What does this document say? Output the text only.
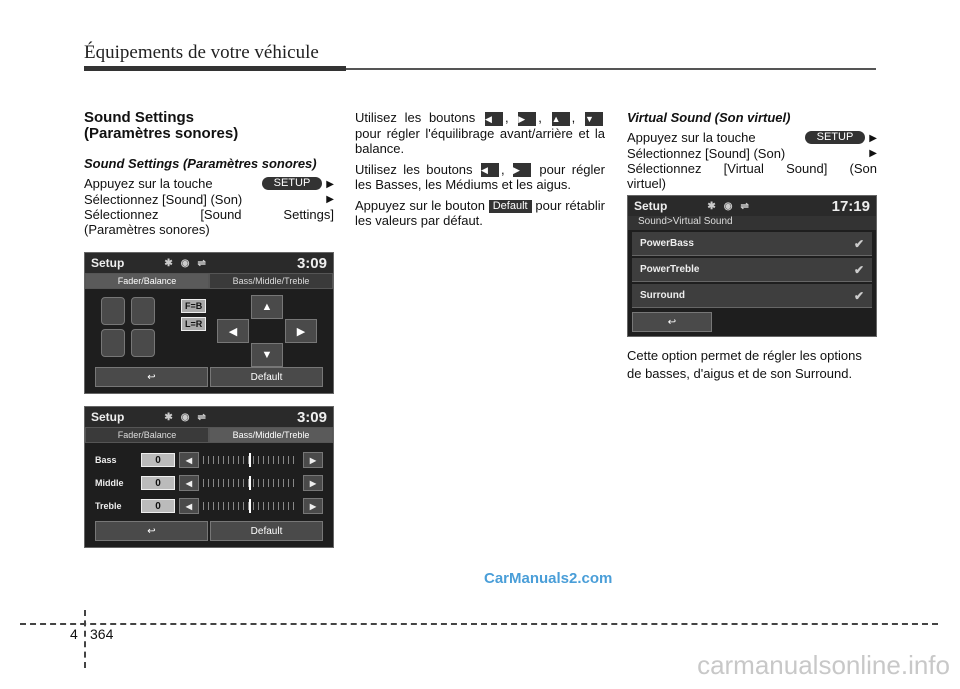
Équipements de votre véhicule
Sound Settings
(Paramètres sonores)
Sound Settings (Paramètres sonores)
Appuyez sur la touche	SETUP ▶
Sélectionnez [Sound] (Son)	▶
Sélectionnez [Sound Settings]
(Paramètres sonores)
Setup	✱ ◉ ⇌	3:09
Fader/Balance	Bass/Middle/Treble
F=B
L=R
▲
◀	▶
▼
↩	Default
Setup	✱ ◉ ⇌	3:09
Fader/Balance	Bass/Middle/Treble
Bass	0	◀	▶
Middle	0	◀	▶
Treble	0	◀	▶
↩	Default
Utilisez les boutons ◀ , ▶ , ▲ , ▼ pour régler l'équilibrage avant/arrière et la balance.
Utilisez les boutons ◀ , ▶ pour régler les Basses, les Médiums et les aigus.
Appuyez sur le bouton Default pour rétablir les valeurs par défaut.
Virtual Sound (Son virtuel)
Appuyez sur la touche	SETUP ▶
Sélectionnez [Sound] (Son)	▶
Sélectionnez [Virtual Sound] (Son
virtuel)
Setup	✱ ◉ ⇌	17:19
Sound>Virtual Sound
PowerBass	✔
PowerTreble	✔
Surround	✔
↩
Cette option permet de régler les options de basses, d'aigus et de son Surround.
CarManuals2.com
4 364
carmanualsonline.info
